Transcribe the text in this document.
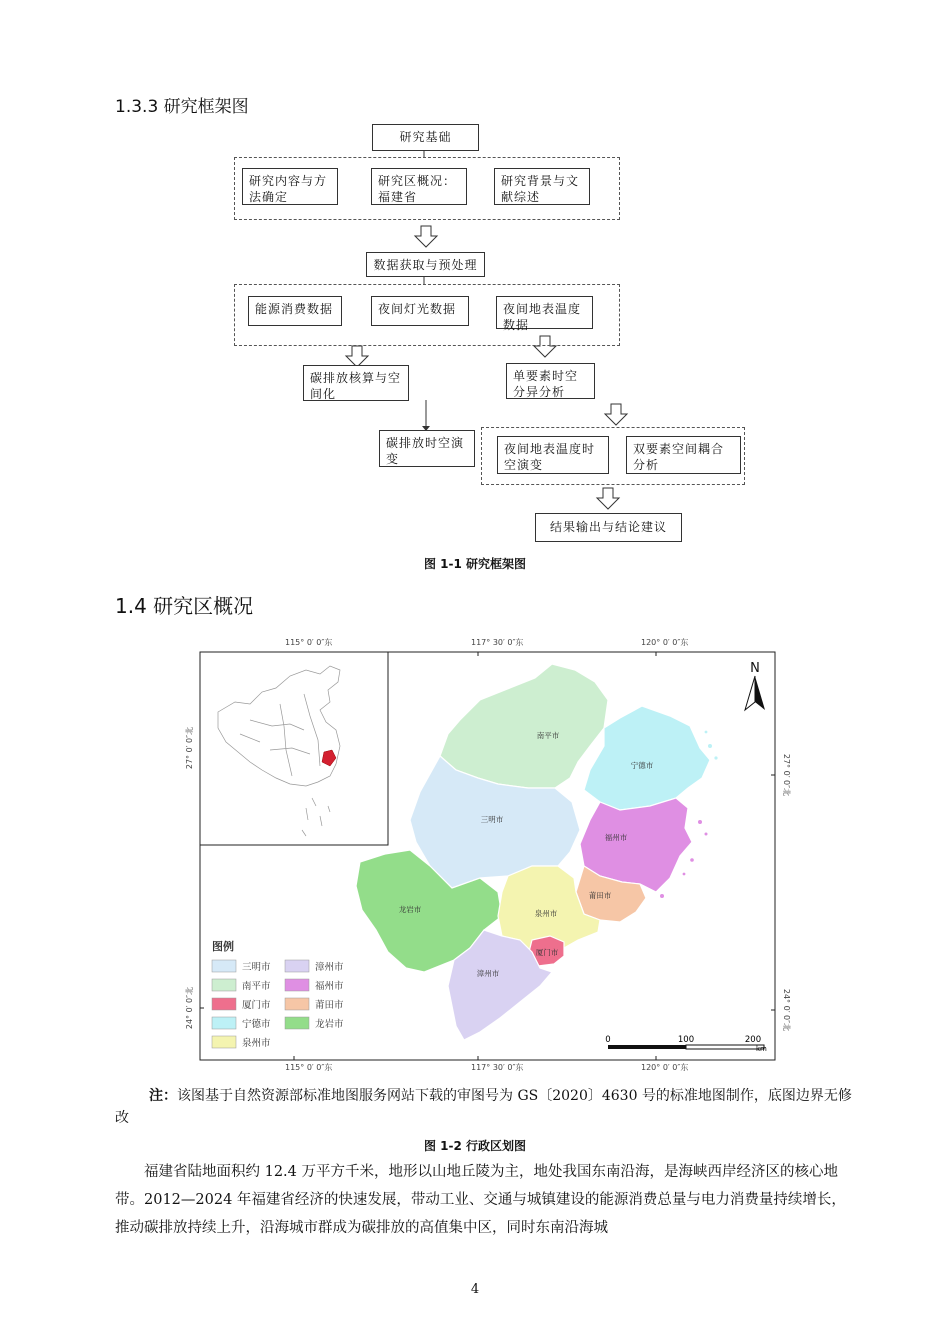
1.3.3 研究框架图
研究基础
研究内容与方法确定
研究区概况：福建省
研究背景与文献综述
数据获取与预处理
能源消费数据	夜间灯光数据	夜间地表温度数据
碳排放核算与空间化
单要素时空分异分析
碳排放时空演变
夜间地表温度时空演变
双要素空间耦合分析
结果输出与结论建议
图 1-1 研究框架图
1.4 研究区概况
115° 0′ 0″东	117° 30′ 0″东	120° 0′ 0″东
115° 0′ 0″东	117° 30′ 0″东	120° 0′ 0″东
27° 0′ 0″北
24° 0′ 0″北
27° 0′ 0″北
24° 0′ 0″北
N
南平市
宁德市
三明市
福州市
龙岩市
莆田市
泉州市
厦门市
漳州市
图例
三明市	漳州市
南平市	福州市
厦门市	莆田市
宁德市	龙岩市
泉州市	0	100	200
km
注：该图基于自然资源部标准地图服务网站下载的审图号为 GS〔2020〕4630 号的标准地图制作，底图边界无修改
图 1-2 行政区划图
福建省陆地面积约 12.4 万平方千米，地形以山地丘陵为主，地处我国东南沿海，是海峡西岸经济区的核心地带。2012—2024 年福建省经济的快速发展，带动工业、交通与城镇建设的能源消费总量与电力消费量持续增长，推动碳排放持续上升，沿海城市群成为碳排放的高值集中区，同时东南沿海城
4
